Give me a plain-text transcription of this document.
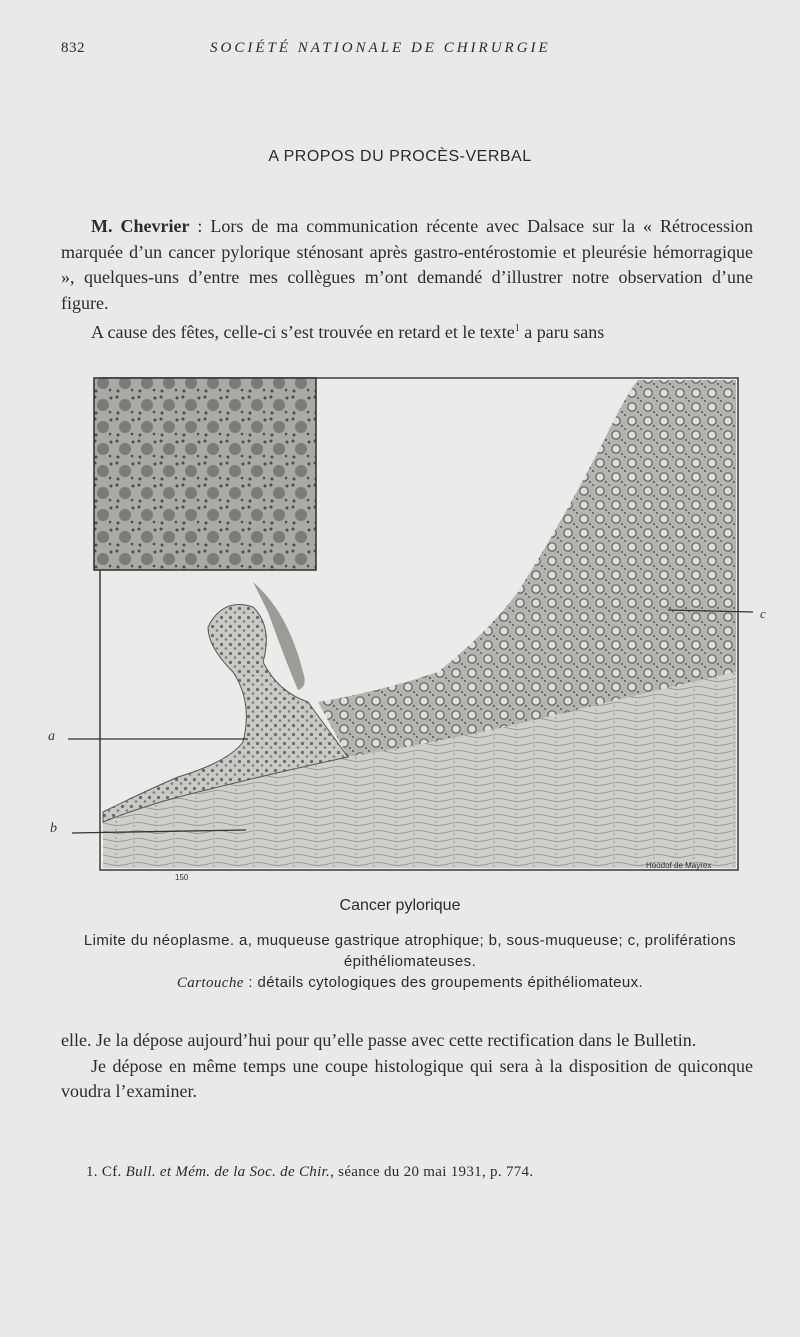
832	SOCIÉTÉ NATIONALE DE CHIRURGIE
A PROPOS DU PROCÈS-VERBAL

M. Chevrier : Lors de ma communication récente avec Dalsace sur la « Rétrocession marquée d’un cancer pylorique sténosant après gastro-entérostomie et pleurésie hémorragique », quelques-uns d’entre mes collègues m’ont demandé d’illustrer notre observation d’une figure.

A cause des fêtes, celle-ci s’est trouvée en retard et le texte$^1$ a paru sans

a
b
c
Hoodof de Mayrex
150
Cancer pylorique
Limite du néoplasme. a, muqueuse gastrique atrophique; b, sous-muqueuse; c, proliférations épithéliomateuses.
Cartouche : détails cytologiques des groupements épithéliomateux.

elle. Je la dépose aujourd’hui pour qu’elle passe avec cette rectification dans le Bulletin.

Je dépose en même temps une coupe histologique qui sera à la disposition de quiconque voudra l’examiner.

1. Cf. Bull. et Mém. de la Soc. de Chir., séance du 20 mai 1931, p. 774.
